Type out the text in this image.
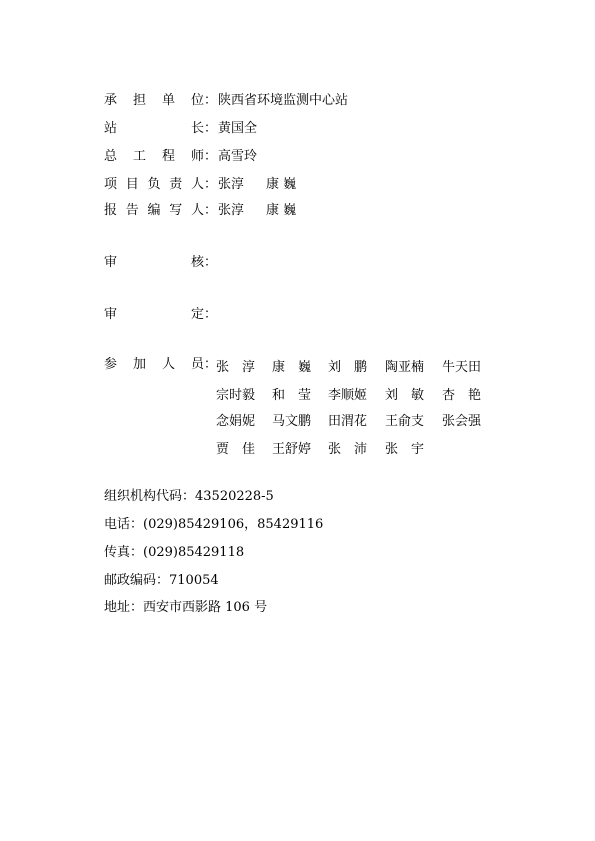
承 担 单 位 ： 陕西省环境监测中心站
站	长 ： 黄国全
总 工 程 师 ： 高雪玲
项 目 负 责 人 ： 张淳 康 巍
报 告 编 写 人 ： 张淳 康 巍
审	核 ：
审	定 ：
参 加 人 员 ：
张　淳 康　巍 刘　鹏 陶亚楠 牛天田
宗时毅 和　莹 李顺姬 刘　敏 杏　艳
念娟妮 马文鹏 田渭花 王俞支 张会强
贾　佳 王舒婷 张　沛 张　宇
组织机构代码：43520228-5
电话：(029)85429106，85429116
传真：(029)85429118
邮政编码：710054
地址：西安市西影路 106 号
